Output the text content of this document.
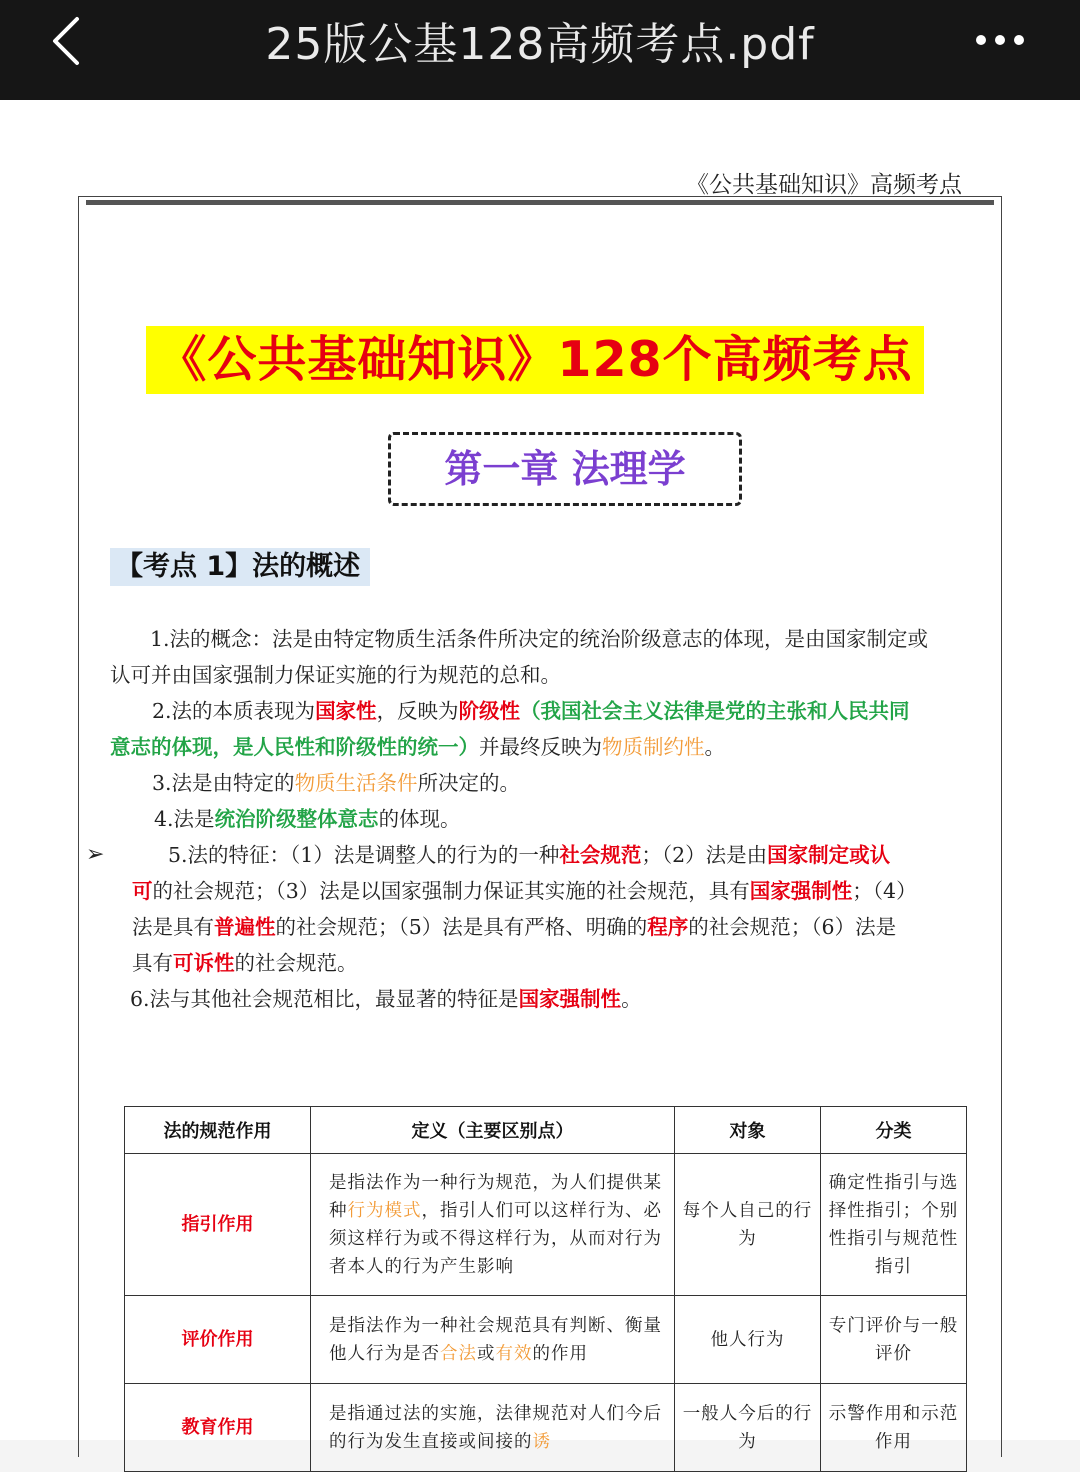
25版公基128高频考点.pdf
《公共基础知识》高频考点
《公共基础知识》128个高频考点
第一章 法理学
【考点 1】法的概述
1.法的概念：法是由特定物质生活条件所决定的统治阶级意志的体现，是由国家制定或
认可并由国家强制力保证实施的行为规范的总和。
2.法的本质表现为国家性，反映为阶级性（我国社会主义法律是党的主张和人民共同
意志的体现，是人民性和阶级性的统一）并最终反映为物质制约性。
3.法是由特定的物质生活条件所决定的。
4.法是统治阶级整体意志的体现。
➢	5.法的特征：（1）法是调整人的行为的一种社会规范；（2）法是由国家制定或认
可的社会规范；（3）法是以国家强制力保证其实施的社会规范，具有国家强制性；（4）
法是具有普遍性的社会规范；（5）法是具有严格、明确的程序的社会规范；（6）法是
具有可诉性的社会规范。
6.法与其他社会规范相比，最显著的特征是国家强制性。
法的规范作用	定义（主要区别点）	对象	分类
指引作用	是指法作为一种行为规范，为人们提供某种行为模式，指引人们可以这样行为、必须这样行为或不得这样行为，从而对行为者本人的行为产生影响	每个人自己的行为	确定性指引与选择性指引；个别性指引与规范性指引
评价作用	是指法作为一种社会规范具有判断、衡量他人行为是否合法或有效的作用	他人行为	专门评价与一般评价
教育作用	是指通过法的实施，法律规范对人们今后的行为发生直接或间接的诱	一般人今后的行为	示警作用和示范作用
